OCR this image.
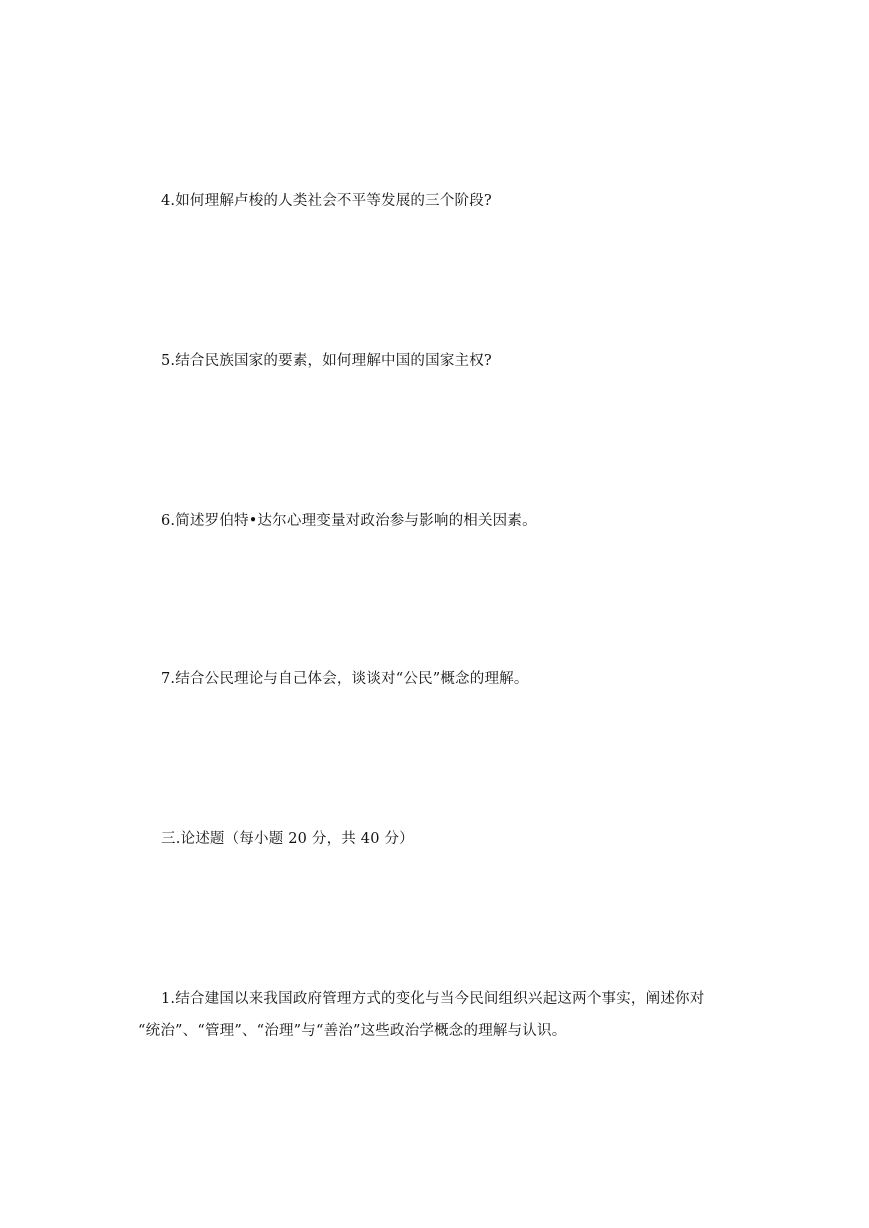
4.如何理解卢梭的人类社会不平等发展的三个阶段?
5.结合民族国家的要素，如何理解中国的国家主权?
6.简述罗伯特•达尔心理变量对政治参与影响的相关因素。
7.结合公民理论与自己体会，谈谈对“公民”概念的理解。
三.论述题（每小题 20 分，共 40 分）
1.结合建国以来我国政府管理方式的变化与当今民间组织兴起这两个事实，阐述你对
“统治”、“管理”、“治理”与“善治”这些政治学概念的理解与认识。
